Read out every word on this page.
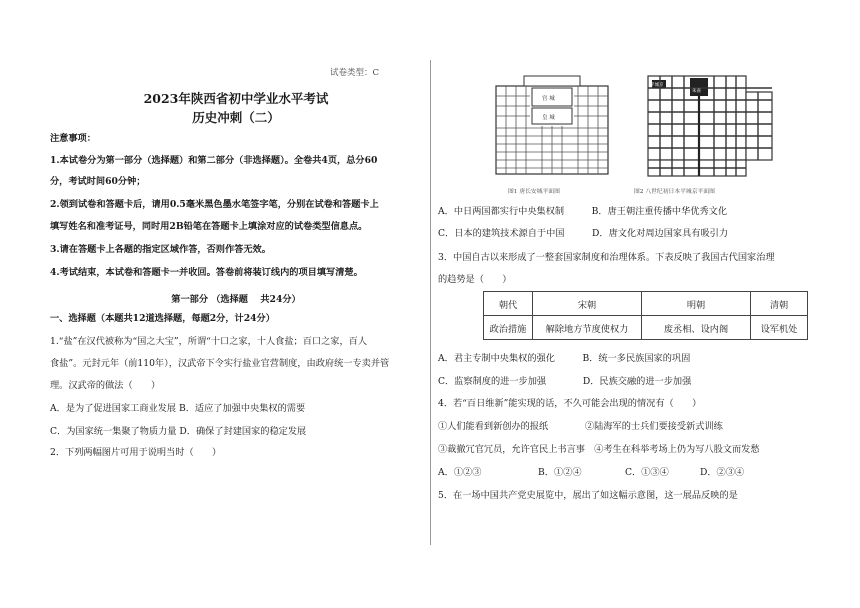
试卷类型：C
2023年陕西省初中学业水平考试
历史冲刺（二）
注意事项：
1.本试卷分为第一部分（选择题）和第二部分（非选择题）。全卷共4页，总分60
分，考试时间60分钟；
2.领到试卷和答题卡后，请用0.5毫米黑色墨水笔签字笔，分别在试卷和答题卡上
填写姓名和准考证号，同时用2B铅笔在答题卡上填涂对应的试卷类型信息点。
3.请在答题卡上各题的指定区域作答，否则作答无效。
4.考试结束，本试卷和答题卡一并收回。答卷前将装订线内的项目填写清楚。
第一部分 （选择题　 共24分）
一、选择题（本题共12道选择题，每题2分，计24分）
1.“盐”在汉代被称为“国之大宝”，所谓“十口之家，十人食盐；百口之家，百人
食盐”。元封元年（前110年），汉武帝下令实行盐业官营制度，由政府统一专卖并管
理。汉武帝的做法（　　）
A．是为了促进国家工商业发展 B．适应了加强中央集权的需要
C．为国家统一集聚了物质力量 D．确保了封建国家的稳定发展
2．下列两幅图片可用于说明当时（　　）
宫 城
皇 城
平城京
朱雀
图1 唐长安城平面图	图2 八世纪初日本平城京平面图
A．中日两国都实行中央集权制　　　B．唐王朝注重传播中华优秀文化
C．日本的建筑技术源自于中国　　　D．唐文化对周边国家具有吸引力
3．中国自古以来形成了一整套国家制度和治理体系。下表反映了我国古代国家治理
的趋势是（　　）
朝代	宋朝	明朝	清朝
政治措施	解除地方节度使权力	废丞相、设内阁	设军机处
A．君主专制中央集权的强化　　　B．统一多民族国家的巩固
C．监察制度的进一步加强　　　　D．民族交融的进一步加强
4．若“百日维新”能实现的话，不久可能会出现的情况有（　　）
①人们能看到新创办的报纸　　　　②陆海军的士兵们要接受新式训练
③裁撤冗官冗员，允许官民上书言事　④考生在科举考场上仍为写八股文而发愁
A．①②③	B．①②④	C．①③④	D．②③④
5．在一场中国共产党史展览中，展出了如这幅示意图，这一展品反映的是
